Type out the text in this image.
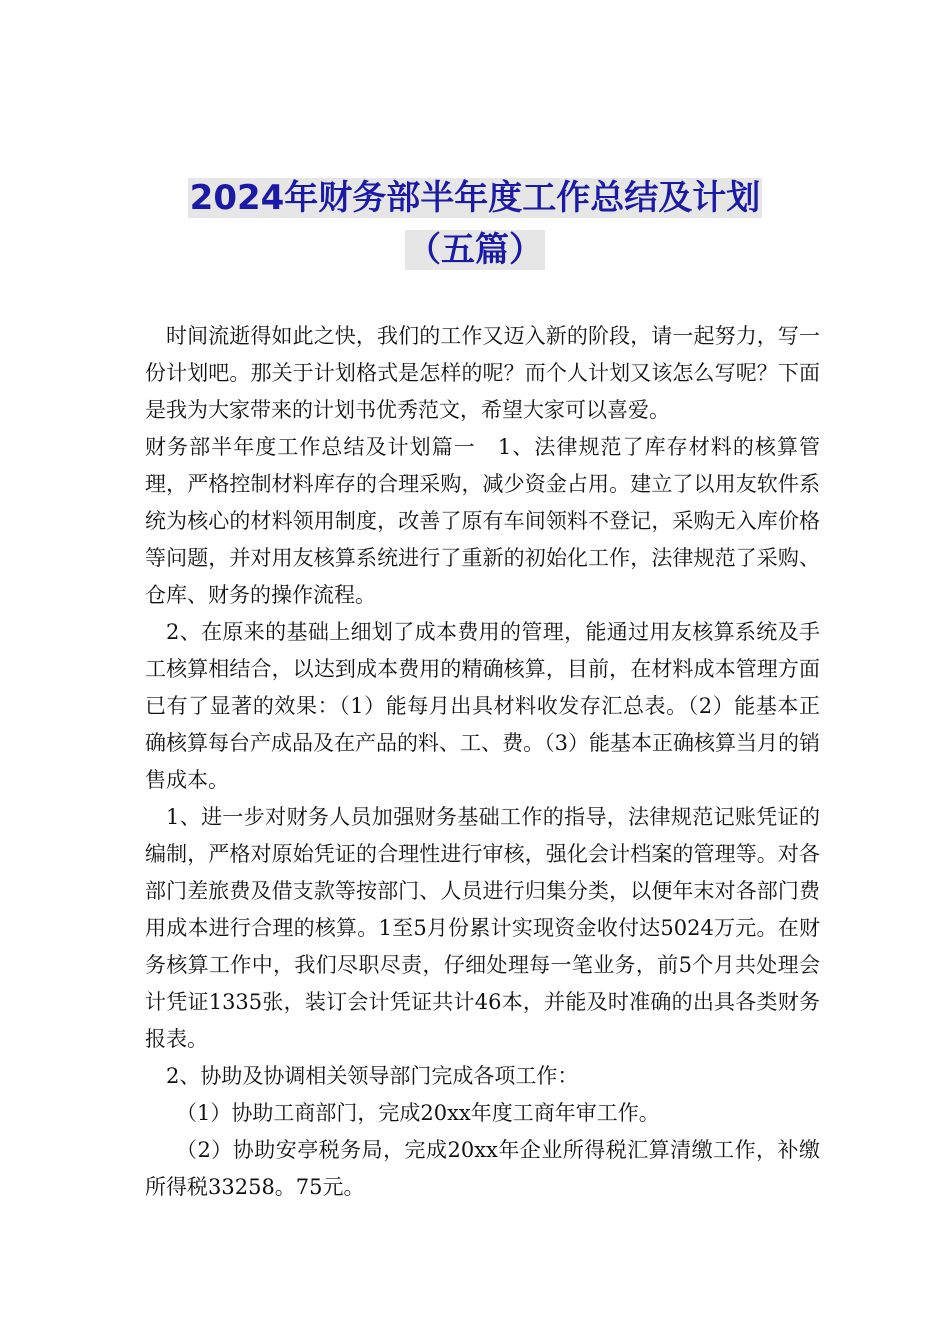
2024年财务部半年度工作总结及计划
（五篇）

时间流逝得如此之快，我们的工作又迈入新的阶段，请一起努力，写一份计划吧。那关于计划格式是怎样的呢？而个人计划又该怎么写呢？下面是我为大家带来的计划书优秀范文，希望大家可以喜爱。

财务部半年度工作总结及计划篇一　1、法律规范了库存材料的核算管理，严格控制材料库存的合理采购，减少资金占用。建立了以用友软件系统为核心的材料领用制度，改善了原有车间领料不登记，采购无入库价格等问题，并对用友核算系统进行了重新的初始化工作，法律规范了采购、仓库、财务的操作流程。

2、在原来的基础上细划了成本费用的管理，能通过用友核算系统及手工核算相结合，以达到成本费用的精确核算，目前，在材料成本管理方面已有了显著的效果：（1）能每月出具材料收发存汇总表。（2）能基本正确核算每台产成品及在产品的料、工、费。（3）能基本正确核算当月的销售成本。

1、进一步对财务人员加强财务基础工作的指导，法律规范记账凭证的编制，严格对原始凭证的合理性进行审核，强化会计档案的管理等。对各部门差旅费及借支款等按部门、人员进行归集分类，以便年末对各部门费用成本进行合理的核算。1至5月份累计实现资金收付达5024万元。在财务核算工作中，我们尽职尽责，仔细处理每一笔业务，前5个月共处理会计凭证1335张，装订会计凭证共计46本，并能及时准确的出具各类财务报表。

2、协助及协调相关领导部门完成各项工作：

（1）协助工商部门，完成20xx年度工商年审工作。

（2）协助安亭税务局，完成20xx年企业所得税汇算清缴工作，补缴所得税33258。75元。
